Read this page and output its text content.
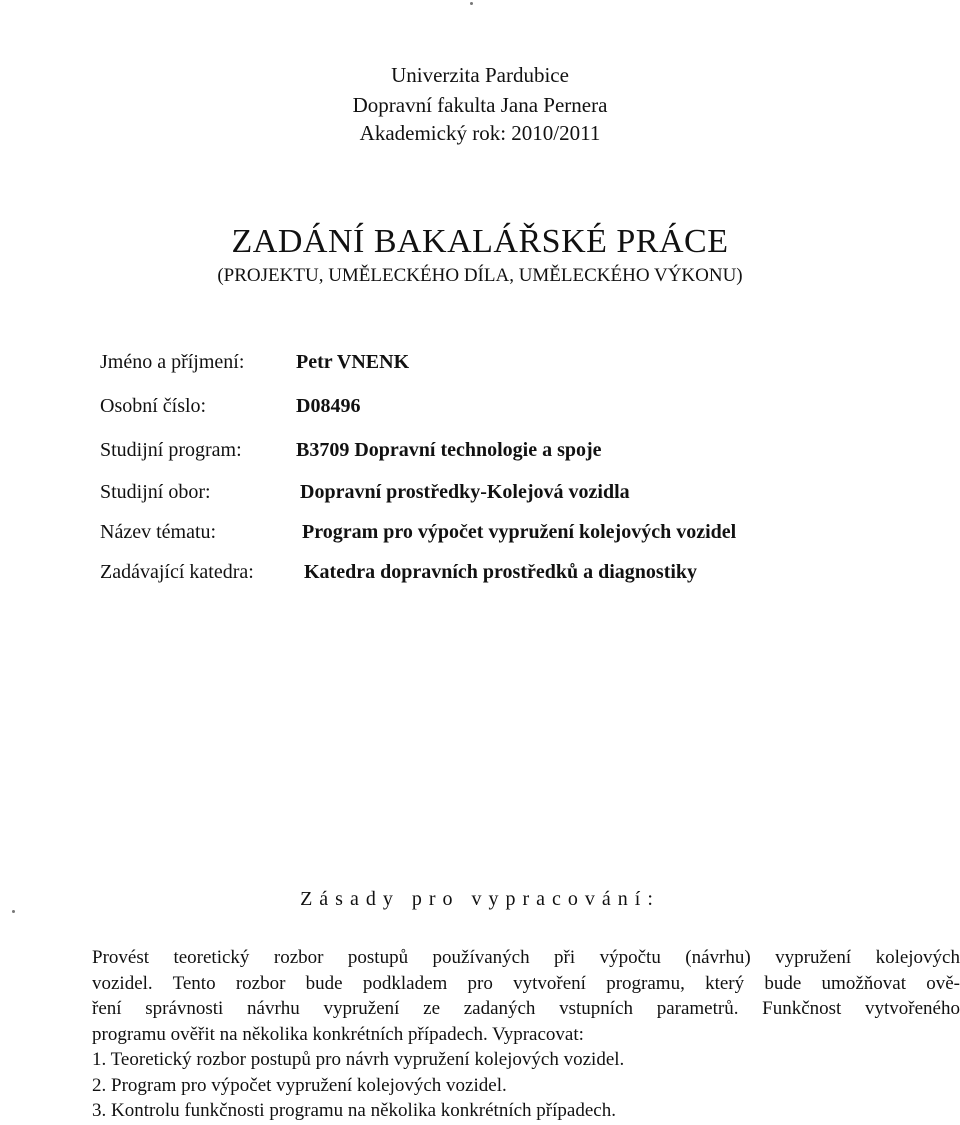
Univerzita Pardubice
Dopravní fakulta Jana Pernera
Akademický rok: 2010/2011
ZADÁNÍ BAKALÁŘSKÉ PRÁCE
(PROJEKTU, UMĚLECKÉHO DÍLA, UMĚLECKÉHO VÝKONU)
Jméno a příjmení:	Petr VNENK
Osobní číslo:	D08496
Studijní program:	B3709 Dopravní technologie a spoje
Studijní obor:	Dopravní prostředky-Kolejová vozidla
Název tématu:	Program pro výpočet vypružení kolejových vozidel
Zadávající katedra:	Katedra dopravních prostředků a diagnostiky
Zásady pro vypracování:
Provést teoretický rozbor postupů používaných při výpočtu (návrhu) vypružení kolejových
vozidel. Tento rozbor bude podkladem pro vytvoření programu, který bude umožňovat ově-
ření správnosti návrhu vypružení ze zadaných vstupních parametrů. Funkčnost vytvořeného
programu ověřit na několika konkrétních případech. Vypracovat:
1. Teoretický rozbor postupů pro návrh vypružení kolejových vozidel.
2. Program pro výpočet vypružení kolejových vozidel.
3. Kontrolu funkčnosti programu na několika konkrétních případech.
